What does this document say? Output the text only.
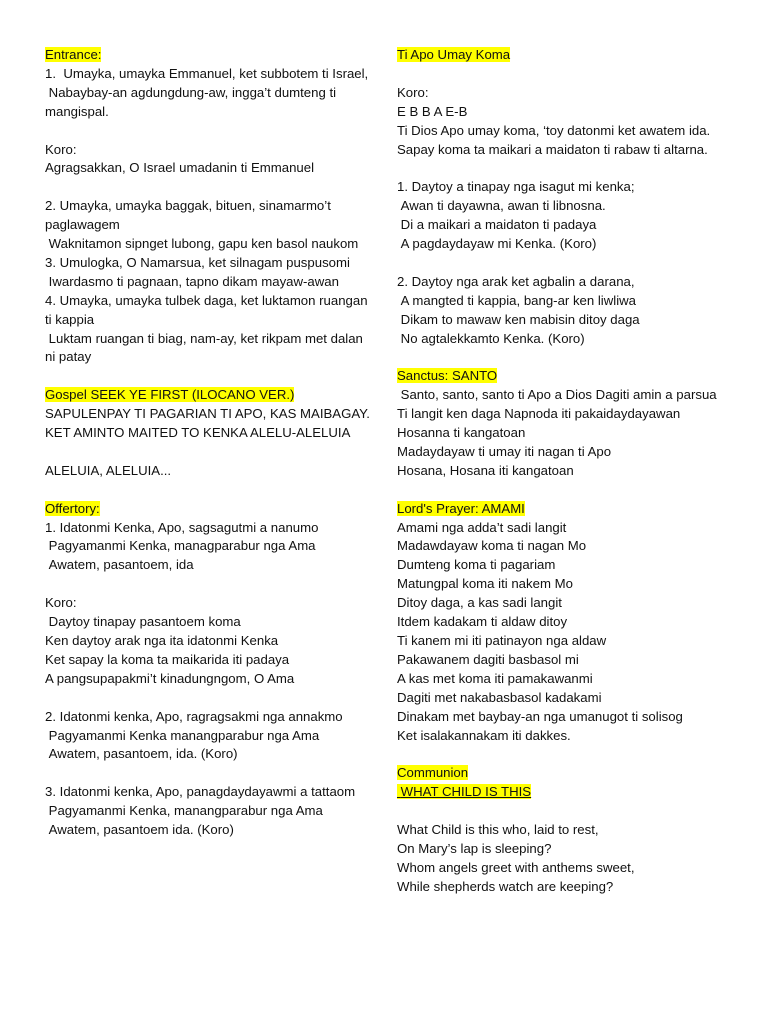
Entrance:
1.  Umayka, umayka Emmanuel, ket subbotem ti Israel,
Nabaybay-an agdungdung-aw, ingga’t dumteng ti mangispal.
Koro:
Agragsakkan, O Israel umadanin ti Emmanuel
2. Umayka, umayka baggak, bituen, sinamarmo’t paglawagem
Waknitamon sipnget lubong, gapu ken basol naukom
3. Umulogka, O Namarsua, ket silnagam puspusomi
Iwardasmo ti pagnaan, tapno dikam mayaw-awan
4. Umayka, umayka tulbek daga, ket luktamon ruangan ti kappia
Luktam ruangan ti biag, nam-ay, ket rikpam met dalan ni patay
Gospel SEEK YE FIRST (ILOCANO VER.)
SAPULENPAY TI PAGARIAN TI APO, KAS MAIBAGAY.
KET AMINTO MAITED TO KENKA ALELU-ALELUIA
ALELUIA, ALELUIA...
Offertory:
1. Idatonmi Kenka, Apo, sagsagutmi a nanumo
Pagyamanmi Kenka, managparabur nga Ama
Awatem, pasantoem, ida
Koro:
Daytoy tinapay pasantoem koma
Ken daytoy arak nga ita idatonmi Kenka
Ket sapay la koma ta maikarida iti padaya
A pangsupapakmi’t kinadungngom, O Ama
2. Idatonmi kenka, Apo, ragragsakmi nga annakmo
Pagyamanmi Kenka manangparabur nga Ama
Awatem, pasantoem, ida. (Koro)
3. Idatonmi kenka, Apo, panagdaydayawmi a tattaom
Pagyamanmi Kenka, manangparabur nga Ama
Awatem, pasantoem ida. (Koro)
Ti Apo Umay Koma
Koro:
E B B A E-B
Ti Dios Apo umay koma, ‘toy datonmi ket awatem ida.
Sapay koma ta maikari a maidaton ti rabaw ti altarna.
1. Daytoy a tinapay nga isagut mi kenka;
Awan ti dayawna, awan ti libnosna.
Di a maikari a maidaton ti padaya
A pagdaydayaw mi Kenka. (Koro)
2. Daytoy nga arak ket agbalin a darana,
A mangted ti kappia, bang-ar ken liwliwa
Dikam to mawaw ken mabisin ditoy daga
No agtalekkamto Kenka. (Koro)
Sanctus: SANTO
Santo, santo, santo ti Apo a Dios Dagiti amin a parsua
Ti langit ken daga Napnoda iti pakaidaydayawan
Hosanna ti kangatoan
Madaydayaw ti umay iti nagan ti Apo
Hosana, Hosana iti kangatoan
Lord's Prayer: AMAMI
Amami nga adda’t sadi langit
Madawdayaw koma ti nagan Mo
Dumteng koma ti pagariam
Matungpal koma iti nakem Mo
Ditoy daga, a kas sadi langit
Itdem kadakam ti aldaw ditoy
Ti kanem mi iti patinayon nga aldaw
Pakawanem dagiti basbasol mi
A kas met koma iti pamakawanmi
Dagiti met nakabasbasol kadakami
Dinakam met baybay-an nga umanugot ti solisog
Ket isalakannakam iti dakkes.
Communion
WHAT CHILD IS THIS
What Child is this who, laid to rest,
On Mary’s lap is sleeping?
Whom angels greet with anthems sweet,
While shepherds watch are keeping?
